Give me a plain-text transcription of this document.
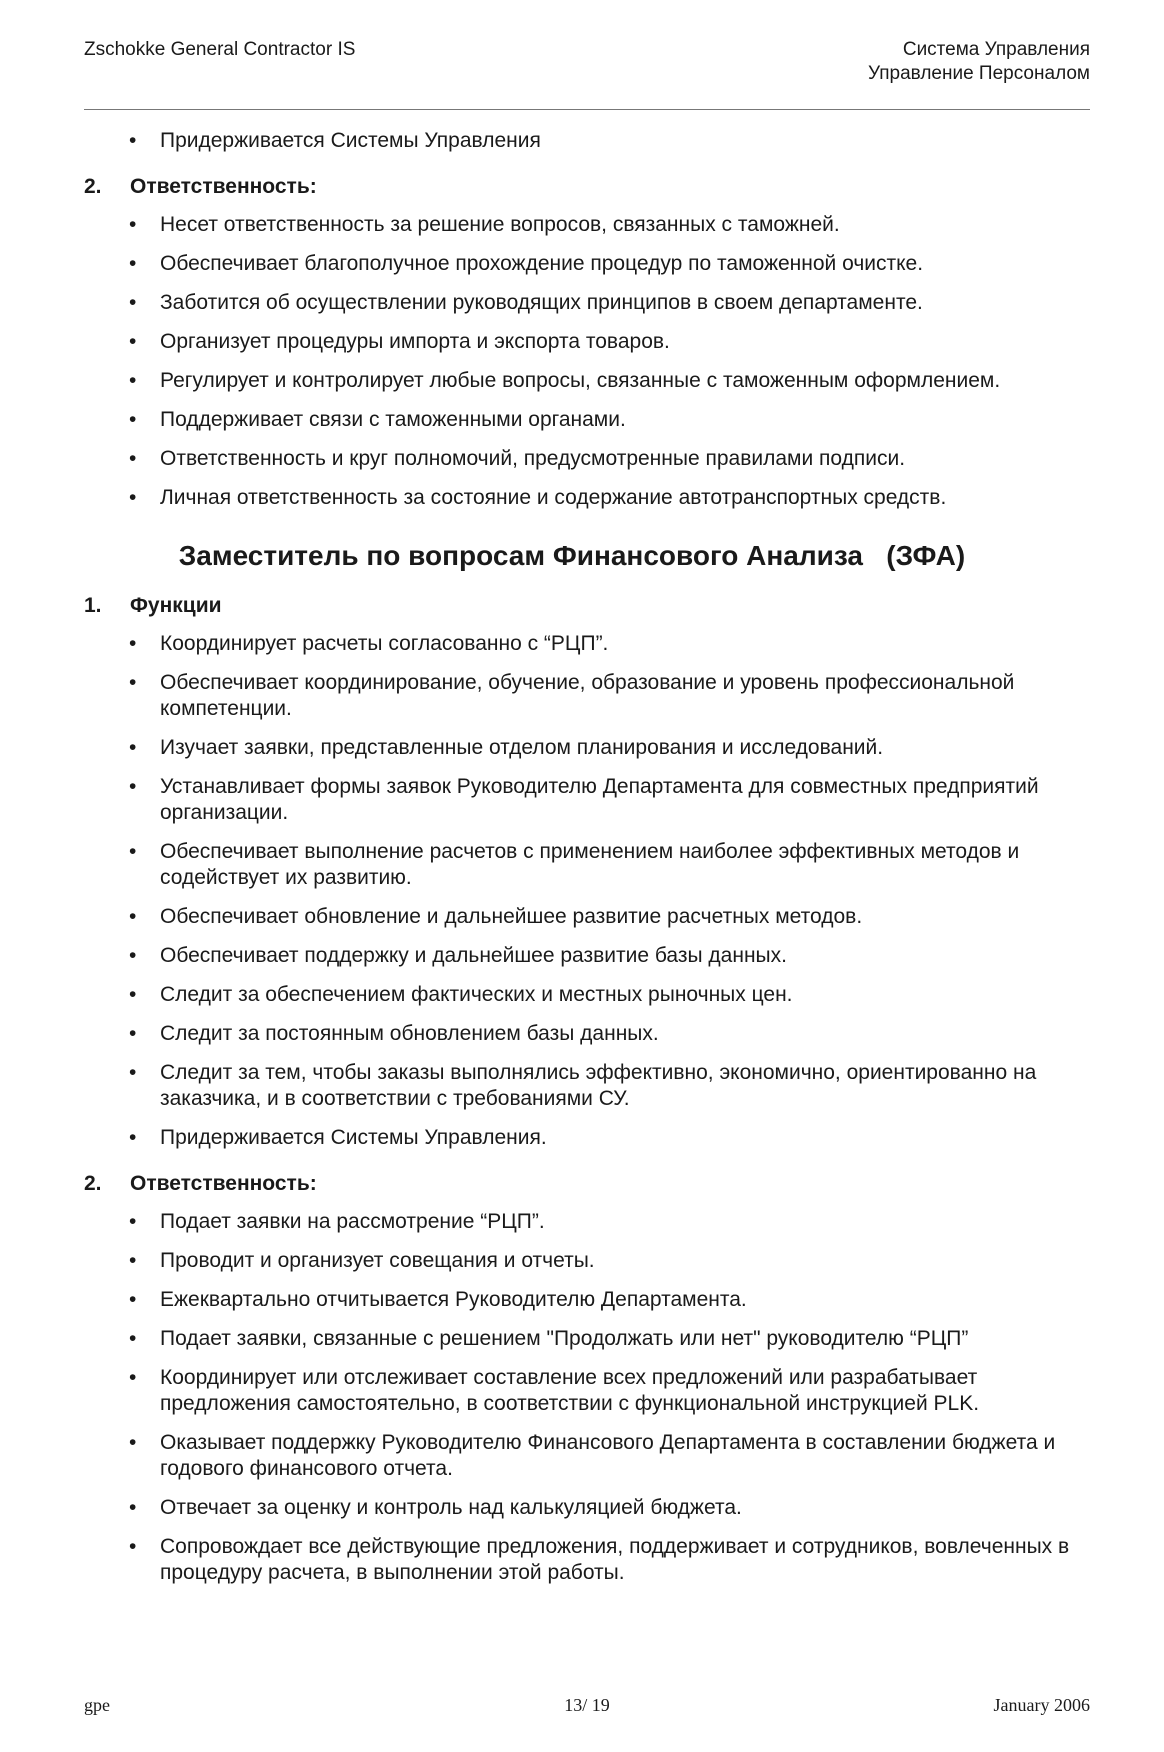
Zschokke General Contractor IS	Система Управления
Управление Персоналом
• Придерживается Системы Управления
2. Ответственность:
• Несет ответственность за решение вопросов, связанных с таможней.
• Обеспечивает благополучное прохождение процедур по таможенной очистке.
• Заботится об осуществлении руководящих принципов в своем департаменте.
• Организует процедуры импорта и экспорта товаров.
• Регулирует и контролирует любые вопросы, связанные с таможенным оформлением.
• Поддерживает связи с таможенными органами.
• Ответственность и круг полномочий, предусмотренные правилами подписи.
• Личная ответственность за состояние и содержание автотранспортных средств.
Заместитель по вопросам Финансового Анализа   (ЗФА)
1. Функции
• Координирует расчеты согласованно с “РЦП”.
• Обеспечивает координирование, обучение, образование и уровень профессиональной компетенции.
• Изучает заявки, представленные отделом планирования и исследований.
• Устанавливает формы заявок Руководителю Департамента для совместных предприятий организации.
• Обеспечивает выполнение расчетов с применением наиболее эффективных методов и содействует их развитию.
• Обеспечивает обновление и дальнейшее развитие расчетных методов.
• Обеспечивает поддержку и дальнейшее развитие базы данных.
• Следит за обеспечением фактических и местных рыночных цен.
• Следит за постоянным обновлением базы данных.
• Следит за тем, чтобы заказы выполнялись эффективно, экономично, ориентированно на заказчика, и в соответствии с требованиями СУ.
• Придерживается Системы Управления.
2. Ответственность:
• Подает заявки на рассмотрение “РЦП”.
• Проводит и организует совещания и отчеты.
• Ежеквартально отчитывается Руководителю Департамента.
• Подает заявки, связанные с решением "Продолжать или нет" руководителю “РЦП”
• Координирует или отслеживает составление всех предложений или разрабатывает предложения самостоятельно, в соответствии с функциональной инструкцией PLK.
• Оказывает поддержку Руководителю Финансового Департамента в составлении бюджета и годового финансового отчета.
• Отвечает за оценку и контроль над калькуляцией бюджета.
• Сопровождает все действующие предложения, поддерживает и сотрудников, вовлеченных в процедуру расчета, в выполнении этой работы.
gpe	13/ 19	January 2006
